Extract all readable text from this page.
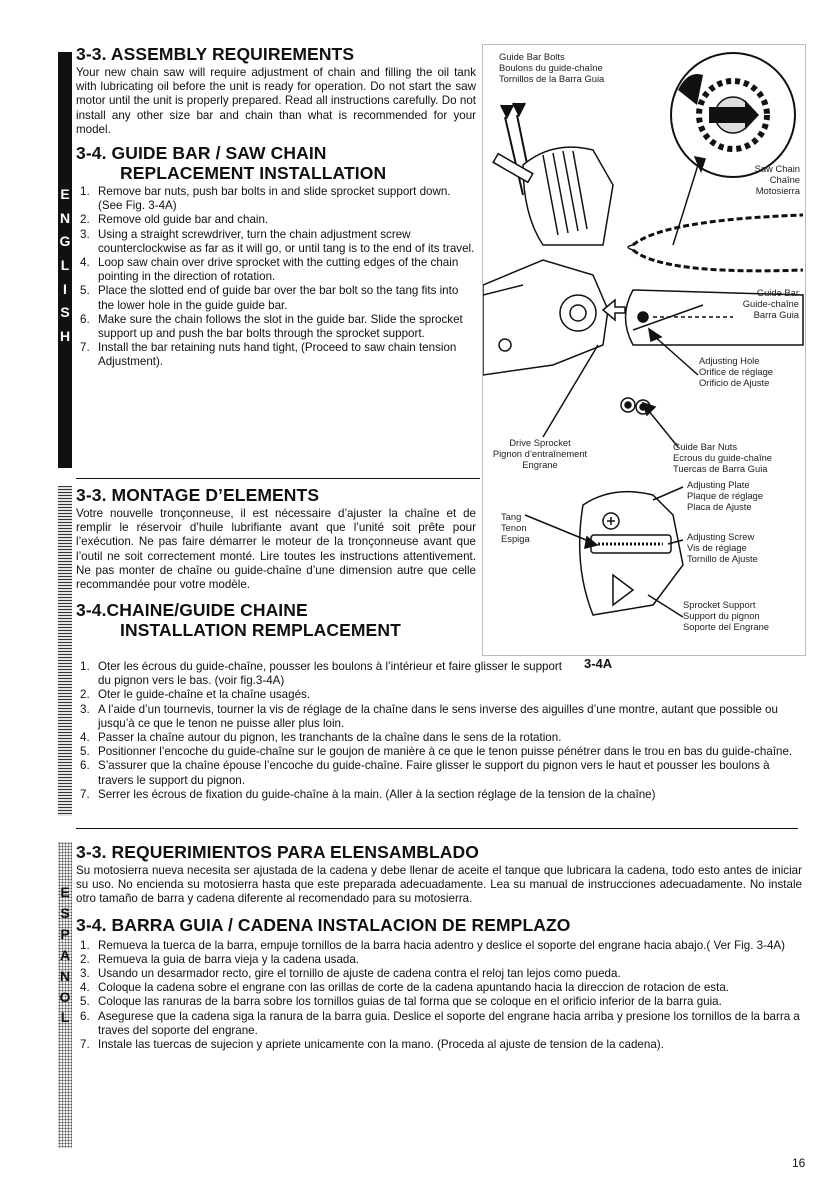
E
N
G
L
I
S
H
E
S
P
A
N
O
L
3-3. ASSEMBLY REQUIREMENTS

Your new chain saw will require adjustment of chain and filling the oil tank with lubricating oil before the unit is ready for operation. Do not start the saw motor until the unit is properly prepared. Read all instructions carefully. Do not install any other size bar and chain than what is recommended for your model.

3-4. GUIDE BAR / SAW CHAIN
REPLACEMENT INSTALLATION
1. Remove bar nuts, push bar bolts in and slide sprocket support down. (See Fig. 3-4A)
2. Remove old guide bar and chain.
3. Using a straight screwdriver, turn the chain adjustment screw counterclockwise as far as it will go, or until tang is to the end of its travel.
4. Loop saw chain over drive sprocket with the cutting edges of the chain pointing in the direction of rotation.
5. Place the slotted end of guide bar over the bar bolt so the tang fits into the lower hole in the guide guide bar.
6. Make sure the chain follows the slot in the guide bar. Slide the sprocket support up and push the bar bolts through the sprocket support.
7. Install the bar retaining nuts hand tight, (Proceed to saw chain tension Adjustment).
3-3. MONTAGE D’ELEMENTS

Votre nouvelle tronçonneuse, il est nécessaire d’ajuster la chaîne et de remplir le réservoir d’huile lubrifiante avant que l’unité soit prête pour l’exécution. Ne pas faire démarrer le moteur de la tronçonneuse avant que l’outil ne soit correctement monté. Lire toutes les instructions attentivement. Ne pas monter de chaîne ou guide-chaîne d’une dimension autre que celle recommandée pour votre modèle.

3-4.CHAINE/GUIDE CHAINE
INSTALLATION REMPLACEMENT
1. Oter les écrous du guide-chaîne, pousser les boulons à l’intérieur et faire glisser le support du pignon vers le bas. (voir fig.3-4A)
2. Oter le guide-chaîne et la chaîne usagés.
3. A l’aide d’un tournevis, tourner la vis de réglage de la chaîne dans le sens inverse des aiguilles d’une montre, autant que possible ou jusqu’à ce que le tenon ne puisse aller plus loin.
4. Passer la chaîne autour du pignon, les tranchants de la chaîne dans le sens de la rotation.
5. Positionner l’encoche du guide-chaîne sur le goujon de manière à ce que le tenon puisse pénétrer dans le trou en bas du guide-chaîne.
6. S’assurer que la chaîne épouse l’encoche du guide-chaîne. Faire glisser le support du pignon vers le haut et pousser les boulons à travers le support du pignon.
7. Serrer les écrous de fixation du guide-chaîne à la main. (Aller à la section réglage de la tension de la chaîne)
3-3. REQUERIMIENTOS PARA ELENSAMBLADO

Su motosierra nueva necesita ser ajustada de la cadena y debe llenar de aceite el tanque que lubricara la cadena, todo esto antes de iniciar su uso. No encienda su motosierra hasta que este preparada adecuadamente. Lea su manual de instrucciones adecuadamente. No instale otro tamaño de barra y cadena diferente al recomendado para su motosierra.

3-4. BARRA GUIA / CADENA INSTALACION DE REMPLAZO
1. Remueva la tuerca de la barra, empuje tornillos de la barra hacia adentro y deslice el soporte del engrane hacia abajo.( Ver Fig. 3-4A)
2. Remueva la guia de barra vieja y la cadena usada.
3. Usando un desarmador recto, gire el tornillo de ajuste de cadena contra el reloj tan lejos como pueda.
4. Coloque la cadena sobre el engrane con las orillas de corte de la cadena apuntando hacia la direccion de rotacion de esta.
5. Coloque las ranuras de la barra sobre los tornillos guias de tal forma que se coloque en el orificio inferior de la barra guia.
6. Asegurese que la cadena siga la ranura de la barra guia. Deslice el soporte del engrane hacia arriba y presione los tornillos de la barra a traves del soporte del engrane.
7. Instale las tuercas de sujecion y apriete unicamente con la mano. (Proceda al ajuste de tension de la cadena).
Guide Bar Bolts
Boulons du guide-chaîne
Tornillos de la Barra Guia
Saw Chain
Chaîne
Motosierra
Guide Bar
Guide-chaîne
Barra Guia
Adjusting Hole
Orifice de réglage
Orificio de Ajuste
Drive Sprocket
Pignon d’entraînement
Engrane
Guide Bar Nuts
Ecrous du guide-chaîne
Tuercas de Barra Guia
Tang
Tenon
Espiga
Adjusting Plate
Plaque de réglage
Placa de Ajuste
Adjusting Screw
Vis de réglage
Tornillo de Ajuste
Sprocket Support
Support du pignon
Soporte del Engrane
3-4A
16
